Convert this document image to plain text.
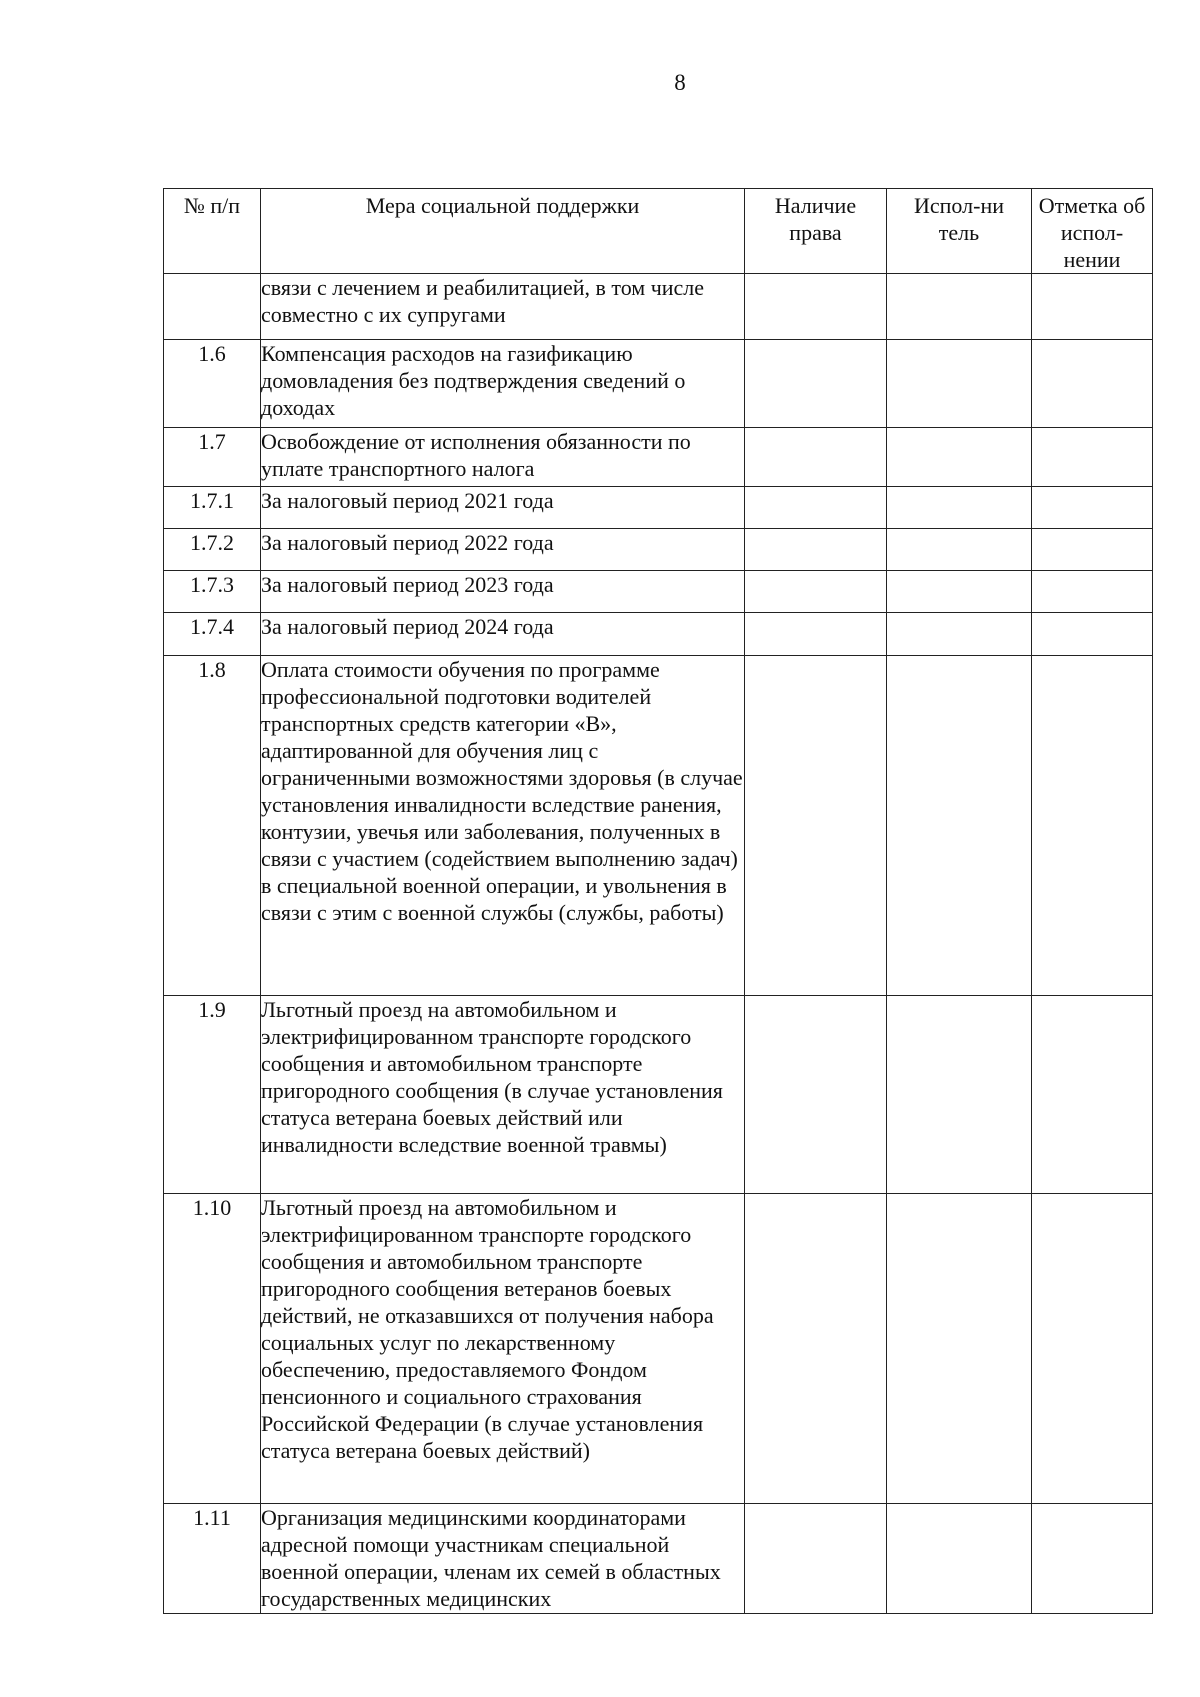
8
№ п/п	Мера социальной поддержки	Наличие права	Испол-нитель	Отметка об испол-нении
	связи с лечением и реабилитацией, в том числе совместно с их супругами			
1.6	Компенсация расходов на газификацию домовладения без подтверждения сведений о доходах			
1.7	Освобождение от исполнения обязанности по уплате транспортного налога			
1.7.1	За налоговый период 2021 года			
1.7.2	За налоговый период 2022 года			
1.7.3	За налоговый период 2023 года			
1.7.4	За налоговый период 2024 года			
1.8	Оплата стоимости обучения по программе профессиональной подготовки водителей транспортных средств категории «В», адаптированной для обучения лиц с ограниченными возможностями здоровья (в случае установления инвалидности вследствие ранения, контузии, увечья или заболевания, полученных в связи с участием (содействием выполнению задач) в специальной военной операции, и увольнения в связи с этим с военной службы (службы, работы)			
1.9	Льготный проезд на автомобильном и электрифицированном транспорте городского сообщения и автомобильном транспорте пригородного сообщения (в случае установления статуса ветерана боевых действий или инвалидности вследствие военной травмы)			
1.10	Льготный проезд на автомобильном и электрифицированном транспорте городского сообщения и автомобильном транспорте пригородного сообщения ветеранов боевых действий, не отказавшихся от получения набора социальных услуг по лекарственному обеспечению, предоставляемого Фондом пенсионного и социального страхования Российской Федерации (в случае установления статуса ветерана боевых действий)			
1.11	Организация медицинскими координаторами адресной помощи участникам специальной военной операции, членам их семей в областных государственных медицинских			
